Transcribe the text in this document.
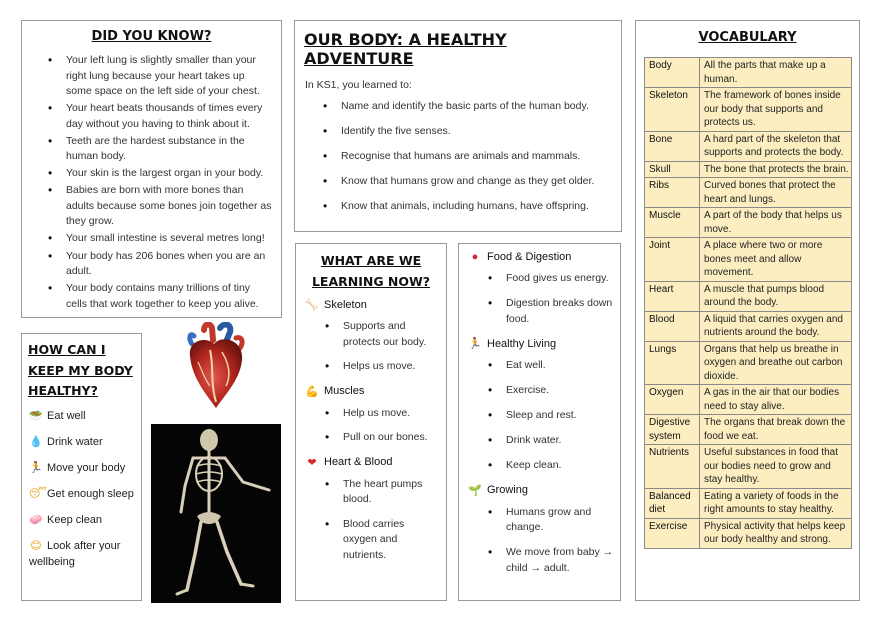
DID YOU KNOW?
• Your left lung is slightly smaller than your right lung because your heart takes up some space on the left side of your chest.
• Your heart beats thousands of times every day without you having to think about it.
• Teeth are the hardest substance in the human body.
• Your skin is the largest organ in your body.
• Babies are born with more bones than adults because some bones join together as they grow.
• Your small intestine is several metres long!
• Your body has 206 bones when you are an adult.
• Your body contains many trillions of tiny cells that work together to keep you alive.
OUR BODY: A HEALTHY ADVENTURE
In KS1, you learned to:
• Name and identify the basic parts of the human body.
• Identify the five senses.
• Recognise that humans are animals and mammals.
• Know that humans grow and change as they get older.
• Know that animals, including humans, have offspring.
WHAT ARE WE LEARNING NOW?
🦴 Skeleton
• Supports and protects our body.
• Helps us move.
💪 Muscles
• Help us move.
• Pull on our bones.
❤ Heart & Blood
• The heart pumps blood.
• Blood carries oxygen and nutrients.
● Food & Digestion
• Food gives us energy.
• Digestion breaks down food.
🏃 Healthy Living
• Eat well.
• Exercise.
• Sleep and rest.
• Drink water.
• Keep clean.
🌱 Growing
• Humans grow and change.
• We move from baby → child → adult.
VOCABULARY
Body	All the parts that make up a human.
Skeleton	The framework of bones inside our body that supports and protects us.
Bone	A hard part of the skeleton that supports and protects the body.
Skull	The bone that protects the brain.
Ribs	Curved bones that protect the heart and lungs.
Muscle	A part of the body that helps us move.
Joint	A place where two or more bones meet and allow movement.
Heart	A muscle that pumps blood around the body.
Blood	A liquid that carries oxygen and nutrients around the body.
Lungs	Organs that help us breathe in oxygen and breathe out carbon dioxide.
Oxygen	A gas in the air that our bodies need to stay alive.
Digestive system	The organs that break down the food we eat.
Nutrients	Useful substances in food that our bodies need to grow and stay healthy.
Balanced diet	Eating a variety of foods in the right amounts to stay healthy.
Exercise	Physical activity that helps keep our body healthy and strong.
HOW CAN I KEEP MY BODY HEALTHY?
🥗 Eat well
💧 Drink water
🏃 Move your body
😴Get enough sleep
🧼 Keep clean
😊 Look after your wellbeing
